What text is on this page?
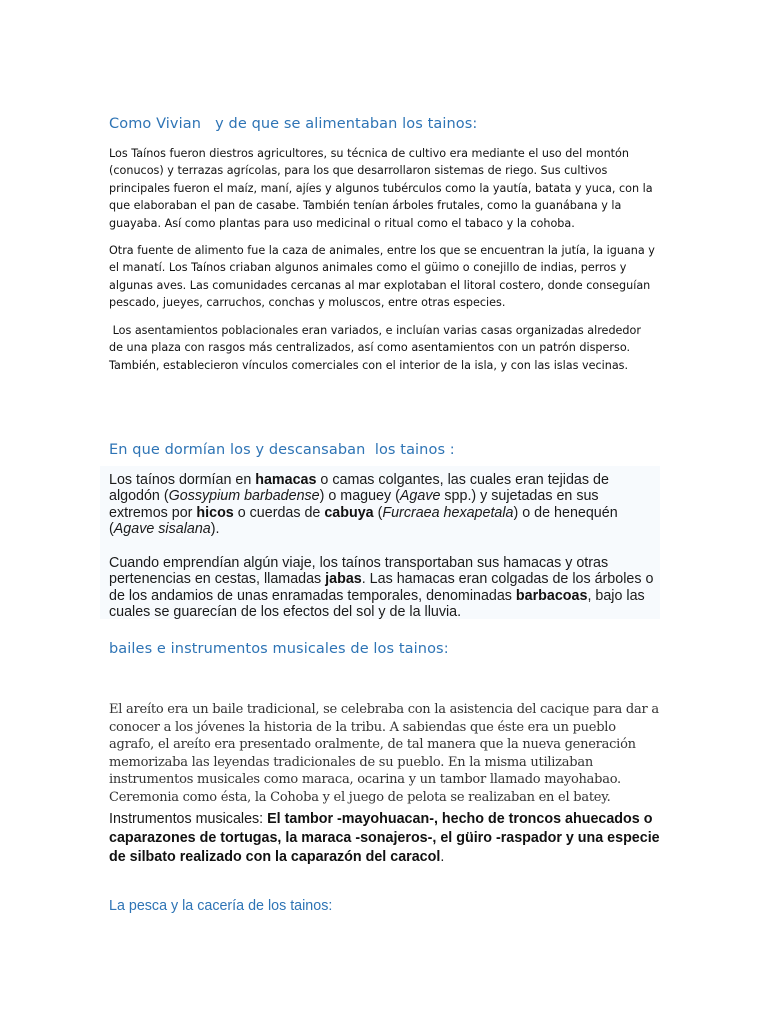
Como Vivian   y de que se alimentaban los tainos:

Los Taínos fueron diestros agricultores, su técnica de cultivo era mediante el uso del montón (conucos) y terrazas agrícolas, para los que desarrollaron sistemas de riego. Sus cultivos principales fueron el maíz, maní, ajíes y algunos tubérculos como la yautía, batata y yuca, con la que elaboraban el pan de casabe. También tenían árboles frutales, como la guanábana y la guayaba. Así como plantas para uso medicinal o ritual como el tabaco y la cohoba.

Otra fuente de alimento fue la caza de animales, entre los que se encuentran la jutía, la iguana y el manatí. Los Taínos criaban algunos animales como el güimo o conejillo de indias, perros y algunas aves. Las comunidades cercanas al mar explotaban el litoral costero, donde conseguían pescado, jueyes, carruchos, conchas y moluscos, entre otras especies.

Los asentamientos poblacionales eran variados, e incluían varias casas organizadas alrededor de una plaza con rasgos más centralizados, así como asentamientos con un patrón disperso. También, establecieron vínculos comerciales con el interior de la isla, y con las islas vecinas.

En que dormían los y descansaban  los tainos :

Los taínos dormían en hamacas o camas colgantes, las cuales eran tejidas de algodón (Gossypium barbadense) o maguey (Agave spp.) y sujetadas en sus extremos por hicos o cuerdas de cabuya (Furcraea hexapetala) o de henequén (Agave sisalana).

Cuando emprendían algún viaje, los taínos transportaban sus hamacas y otras pertenencias en cestas, llamadas jabas. Las hamacas eran colgadas de los árboles o de los andamios de unas enramadas temporales, denominadas barbacoas, bajo las cuales se guarecían de los efectos del sol y de la lluvia.

bailes e instrumentos musicales de los tainos:

El areíto era un baile tradicional, se celebraba con la asistencia del cacique para dar a conocer a los jóvenes la historia de la tribu. A sabiendas que éste era un pueblo agrafo, el areíto era presentado oralmente, de tal manera que la nueva generación memorizaba las leyendas tradicionales de su pueblo. En la misma utilizaban instrumentos musicales como maraca, ocarina y un tambor llamado mayohabao. Ceremonia como ésta, la Cohoba y el juego de pelota se realizaban en el batey.

Instrumentos musicales: El tambor -mayohuacan-, hecho de troncos ahuecados o caparazones de tortugas, la maraca -sonajeros-, el güiro -raspador y una especie de silbato realizado con la caparazón del caracol.

La pesca y la cacería de los tainos:
